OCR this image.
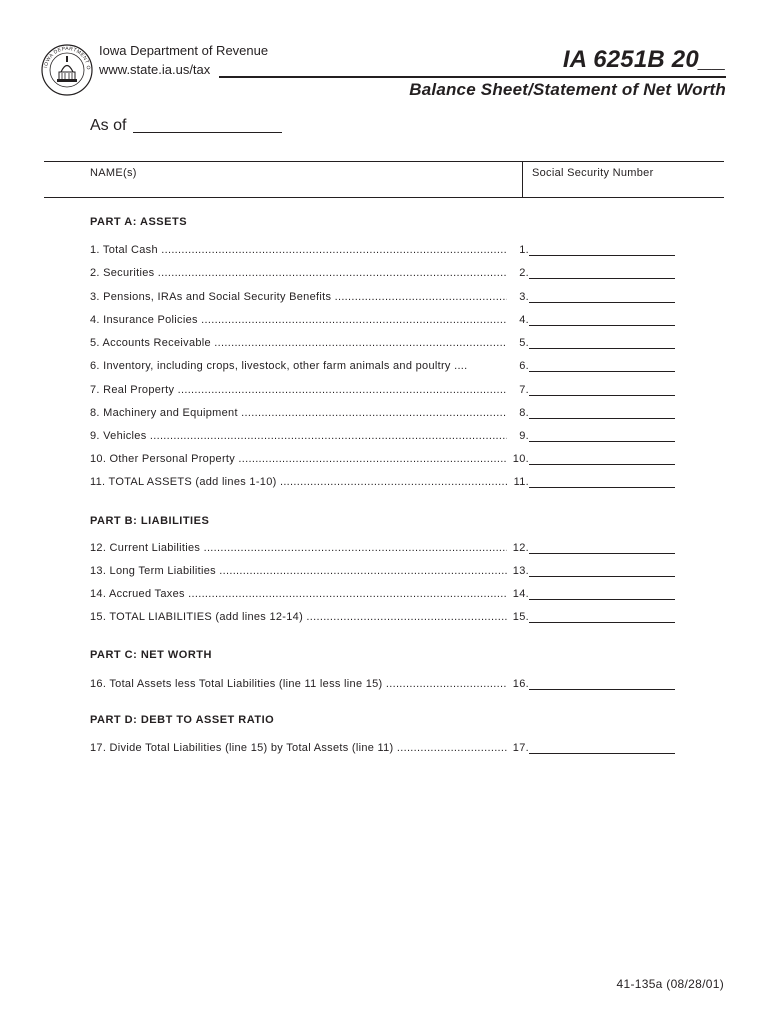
IOWA DEPARTMENT O
Iowa Department of Revenue
www.state.ia.us/tax	IA 6251B 20__
Balance Sheet/Statement of Net Worth
As of
NAME(s)	Social Security Number
PART A: ASSETS
1. Total Cash .....	1.
2. Securities .....	2.
3. Pensions, IRAs and Social Security Benefits .....	3.
4. Insurance Policies .....	4.
5. Accounts Receivable .....	5.
6. Inventory, including crops, livestock, other farm animals and poultry ....	6.
7. Real Property .....	7.
8. Machinery and Equipment .....	8.
9. Vehicles .....	9.
10. Other Personal Property .....	10.
11. TOTAL ASSETS (add lines 1-10) .....	11.
PART B: LIABILITIES
12. Current Liabilities .....	12.
13. Long Term Liabilities .....	13.
14. Accrued Taxes .....	14.
15. TOTAL LIABILITIES (add lines 12-14) .....	15.
PART C: NET WORTH
16. Total Assets less Total Liabilities (line 11 less line 15) .....	16.
PART D: DEBT TO ASSET RATIO
17. Divide Total Liabilities (line 15) by Total Assets (line 11) .....	17.
41-135a (08/28/01)
